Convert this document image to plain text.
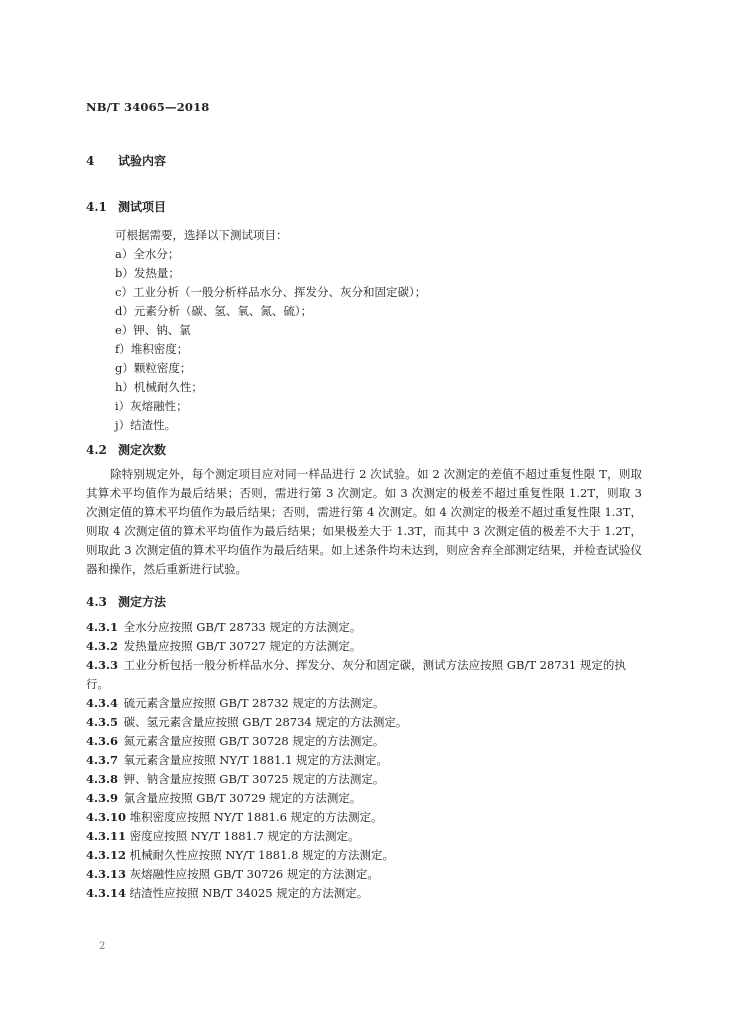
NB/T 34065—2018
4 试验内容
4.1 测试项目
可根据需要，选择以下测试项目：
a）全水分；
b）发热量；
c）工业分析（一般分析样品水分、挥发分、灰分和固定碳）；
d）元素分析（碳、氢、氧、氮、硫）；
e）钾、钠、氯
f）堆积密度；
g）颗粒密度；
h）机械耐久性；
i）灰熔融性；
j）结渣性。
4.2 测定次数
除特别规定外，每个测定项目应对同一样品进行 2 次试验。如 2 次测定的差值不超过重复性限 T，则取其算术平均值作为最后结果；否则，需进行第 3 次测定。如 3 次测定的极差不超过重复性限 1.2T，则取 3 次测定值的算术平均值作为最后结果；否则，需进行第 4 次测定。如 4 次测定的极差不超过重复性限 1.3T，则取 4 次测定值的算术平均值作为最后结果；如果极差大于 1.3T，而其中 3 次测定值的极差不大于 1.2T，则取此 3 次测定值的算术平均值作为最后结果。如上述条件均未达到，则应舍弃全部测定结果，并检查试验仪器和操作，然后重新进行试验。
4.3 测定方法
4.3.1 全水分应按照 GB/T 28733 规定的方法测定。
4.3.2 发热量应按照 GB/T 30727 规定的方法测定。
4.3.3 工业分析包括一般分析样品水分、挥发分、灰分和固定碳，测试方法应按照 GB/T 28731 规定的执行。
4.3.4 硫元素含量应按照 GB/T 28732 规定的方法测定。
4.3.5 碳、氢元素含量应按照 GB/T 28734 规定的方法测定。
4.3.6 氮元素含量应按照 GB/T 30728 规定的方法测定。
4.3.7 氧元素含量应按照 NY/T 1881.1 规定的方法测定。
4.3.8 钾、钠含量应按照 GB/T 30725 规定的方法测定。
4.3.9 氯含量应按照 GB/T 30729 规定的方法测定。
4.3.10 堆积密度应按照 NY/T 1881.6 规定的方法测定。
4.3.11 密度应按照 NY/T 1881.7 规定的方法测定。
4.3.12 机械耐久性应按照 NY/T 1881.8 规定的方法测定。
4.3.13 灰熔融性应按照 GB/T 30726 规定的方法测定。
4.3.14 结渣性应按照 NB/T 34025 规定的方法测定。
2
